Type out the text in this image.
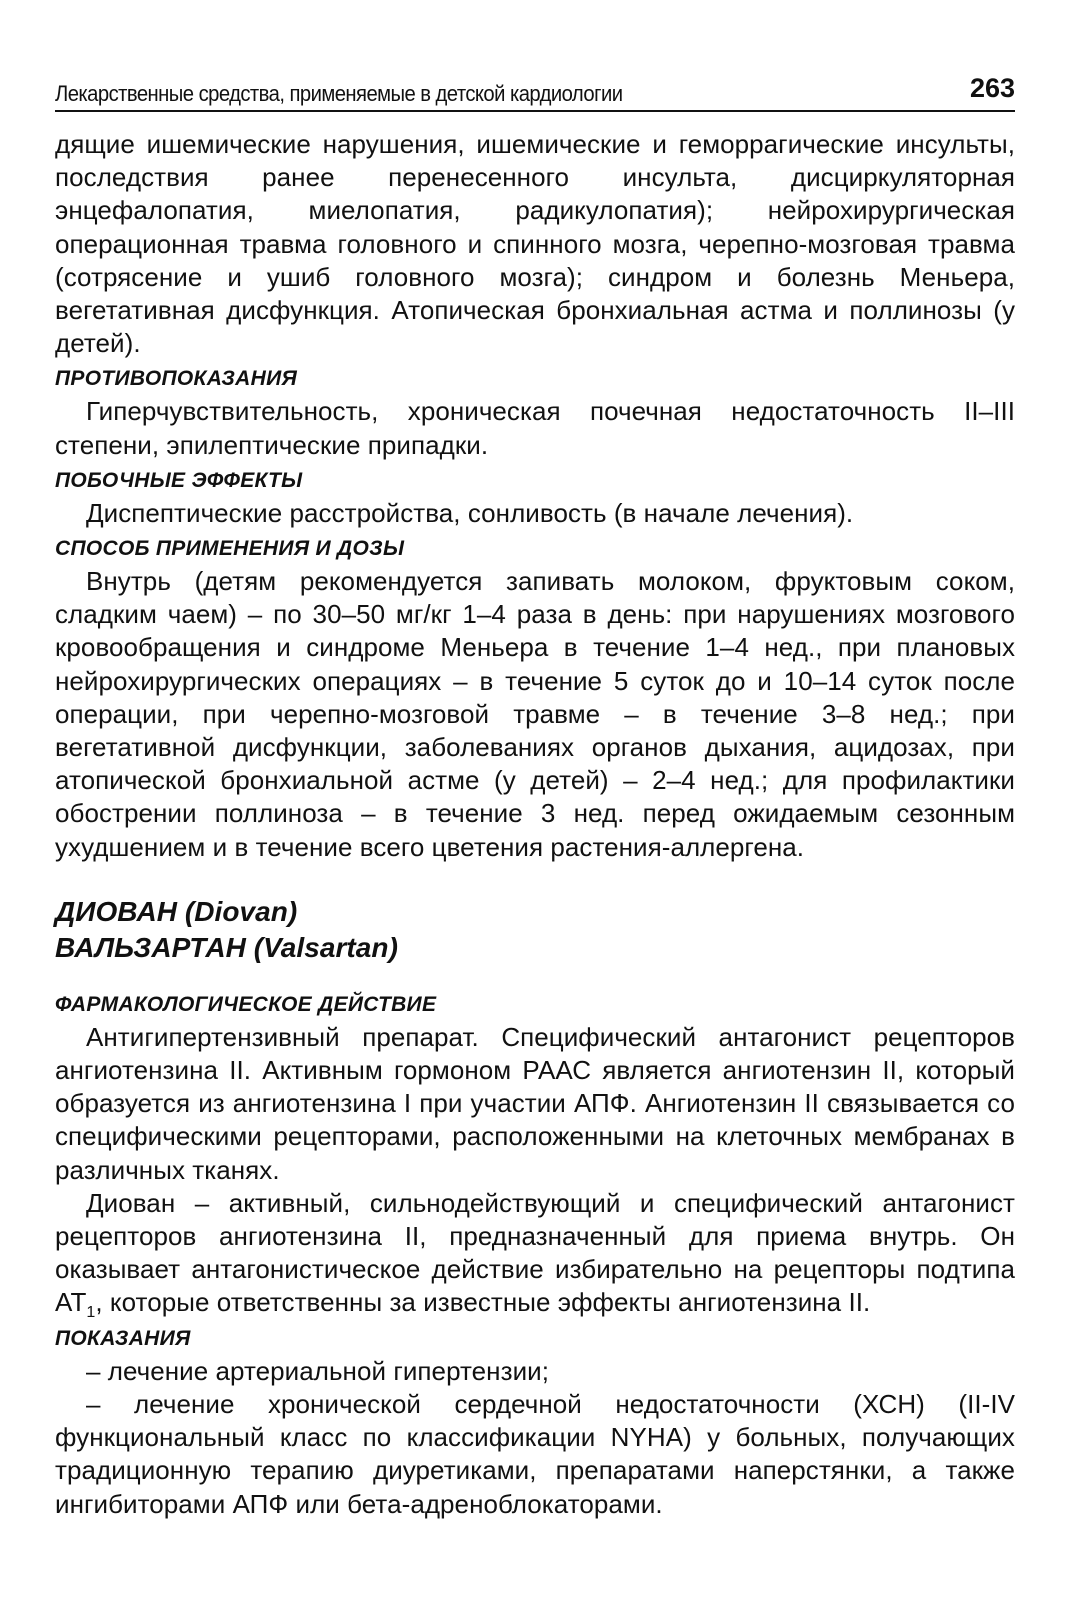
Лекарственные средства, применяемые в детской кардиологии	263

дящие ишемические нарушения, ишемические и геморрагические инсульты, последствия ранее перенесенного инсульта, дисциркуляторная энцефалопатия, миелопатия, радикулопатия); нейрохирургическая операционная травма головного и спинного мозга, черепно-мозговая травма (сотрясение и ушиб головного мозга); синдром и болезнь Меньера, вегетативная дисфункция. Атопическая бронхиальная астма и поллинозы (у детей).

ПРОТИВОПОКАЗАНИЯ

Гиперчувствительность, хроническая почечная недостаточность II–III степени, эпилептические припадки.

ПОБОЧНЫЕ ЭФФЕКТЫ

Диспептические расстройства, сонливость (в начале лечения).

СПОСОБ ПРИМЕНЕНИЯ И ДОЗЫ

Внутрь (детям рекомендуется запивать молоком, фруктовым соком, сладким чаем) – по 30–50 мг/кг 1–4 раза в день: при нарушениях мозгового кровообращения и синдроме Меньера в течение 1–4 нед., при плановых нейрохирургических операциях – в течение 5 суток до и 10–14 суток после операции, при черепно-мозговой травме – в течение 3–8 нед.; при вегетативной дисфункции, заболеваниях органов дыхания, ацидозах, при атопической бронхиальной астме (у детей) – 2–4 нед.; для профилактики обострении поллиноза – в течение 3 нед. перед ожидаемым сезонным ухудшением и в течение всего цветения растения-аллергена.

ДИОВАН (Diovan)
ВАЛЬЗАРТАН (Valsartan)
ФАРМАКОЛОГИЧЕСКОЕ ДЕЙСТВИЕ

Антигипертензивный препарат. Специфический антагонист рецепторов ангиотензина II. Активным гормоном РААС является ангиотензин II, который образуется из ангиотензина I при участии АПФ. Ангиотензин II связывается со специфическими рецепторами, расположенными на клеточных мембранах в различных тканях.

Диован – активный, сильнодействующий и специфический антагонист рецепторов ангиотензина II, предназначенный для приема внутрь. Он оказывает антагонистическое действие избирательно на рецепторы подтипа $AT_1$, которые ответственны за известные эффекты ангиотензина II.

ПОКАЗАНИЯ

– лечение артериальной гипертензии;

– лечение хронической сердечной недостаточности (ХСН) (II-IV функциональный класс по классификации NYHA) у больных, получающих традиционную терапию диуретиками, препаратами наперстянки, а также ингибиторами АПФ или бета-адреноблокаторами.
